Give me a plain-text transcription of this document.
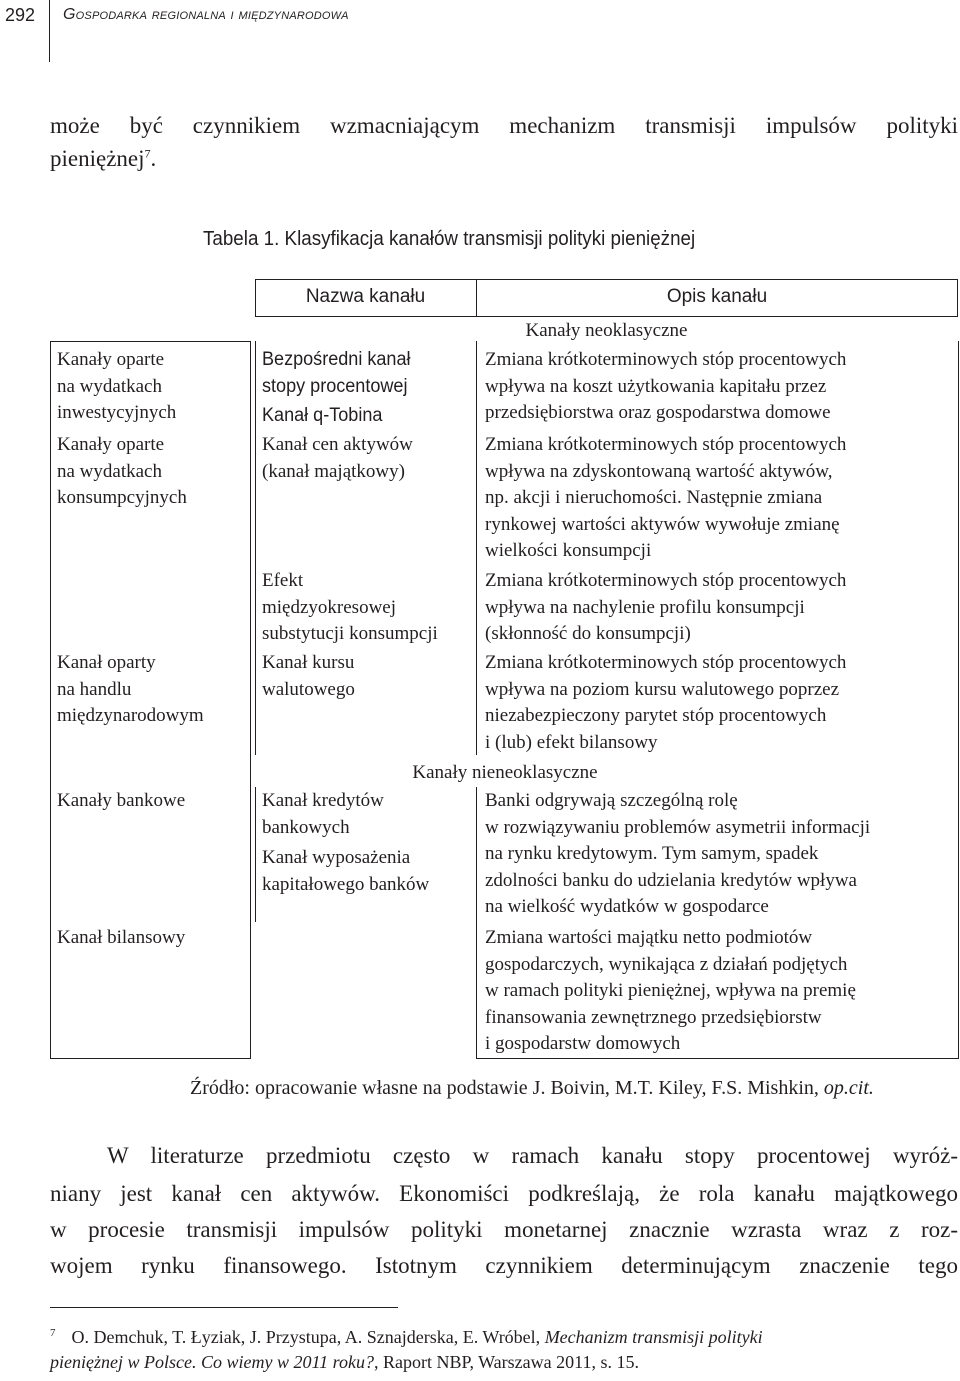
292	Gospodarka regionalna i międzynarodowa
może być czynnikiem wzmacniającym mechanizm transmisji impulsów polityki
pieniężnej$^7$.
Tabela 1. Klasyfikacja kanałów transmisji polityki pieniężnej
Nazwa kanału	Opis kanału
Kanały neoklasyczne
Kanały nieneoklasyczne
Kanały oparte
na wydatkach
inwestycyjnych
Kanały oparte
na wydatkach
konsumpcyjnych
Kanał oparty
na handlu
międzynarodowym
Kanały bankowe
Kanał bilansowy
Bezpośredni kanał
stopy procentowej
Kanał q-Tobina
Kanał cen aktywów
(kanał majątkowy)
Efekt
międzyokresowej
substytucji konsumpcji
Kanał kursu
walutowego
Kanał kredytów
bankowych
Kanał wyposażenia
kapitałowego banków
Zmiana krótkoterminowych stóp procentowych
wpływa na koszt użytkowania kapitału przez
przedsiębiorstwa oraz gospodarstwa domowe
Zmiana krótkoterminowych stóp procentowych
wpływa na zdyskontowaną wartość aktywów,
np. akcji i nieruchomości. Następnie zmiana
rynkowej wartości aktywów wywołuje zmianę
wielkości konsumpcji
Zmiana krótkoterminowych stóp procentowych
wpływa na nachylenie profilu konsumpcji
(skłonność do konsumpcji)
Zmiana krótkoterminowych stóp procentowych
wpływa na poziom kursu walutowego poprzez
niezabezpieczony parytet stóp procentowych
i (lub) efekt bilansowy
Banki odgrywają szczególną rolę
w rozwiązywaniu problemów asymetrii informacji
na rynku kredytowym. Tym samym, spadek
zdolności banku do udzielania kredytów wpływa
na wielkość wydatków w gospodarce
Zmiana wartości majątku netto podmiotów
gospodarczych, wynikająca z działań podjętych
w ramach polityki pieniężnej, wpływa na premię
finansowania zewnętrznego przedsiębiorstw
i gospodarstw domowych
Źródło: opracowanie własne na podstawie J. Boivin, M.T. Kiley, F.S. Mishkin, op.cit.
W literaturze przedmiotu często w ramach kanału stopy procentowej wyróż-
niany jest kanał cen aktywów. Ekonomiści podkreślają, że rola kanału majątkowego
w procesie transmisji impulsów polityki monetarnej znacznie wzrasta wraz z roz-
wojem rynku finansowego. Istotnym czynnikiem determinującym znaczenie tego
$^7$ O. Demchuk, T. Łyziak, J. Przystupa, A. Sznajderska, E. Wróbel, Mechanizm transmisji polityki
pieniężnej w Polsce. Co wiemy w 2011 roku?, Raport NBP, Warszawa 2011, s. 15.
